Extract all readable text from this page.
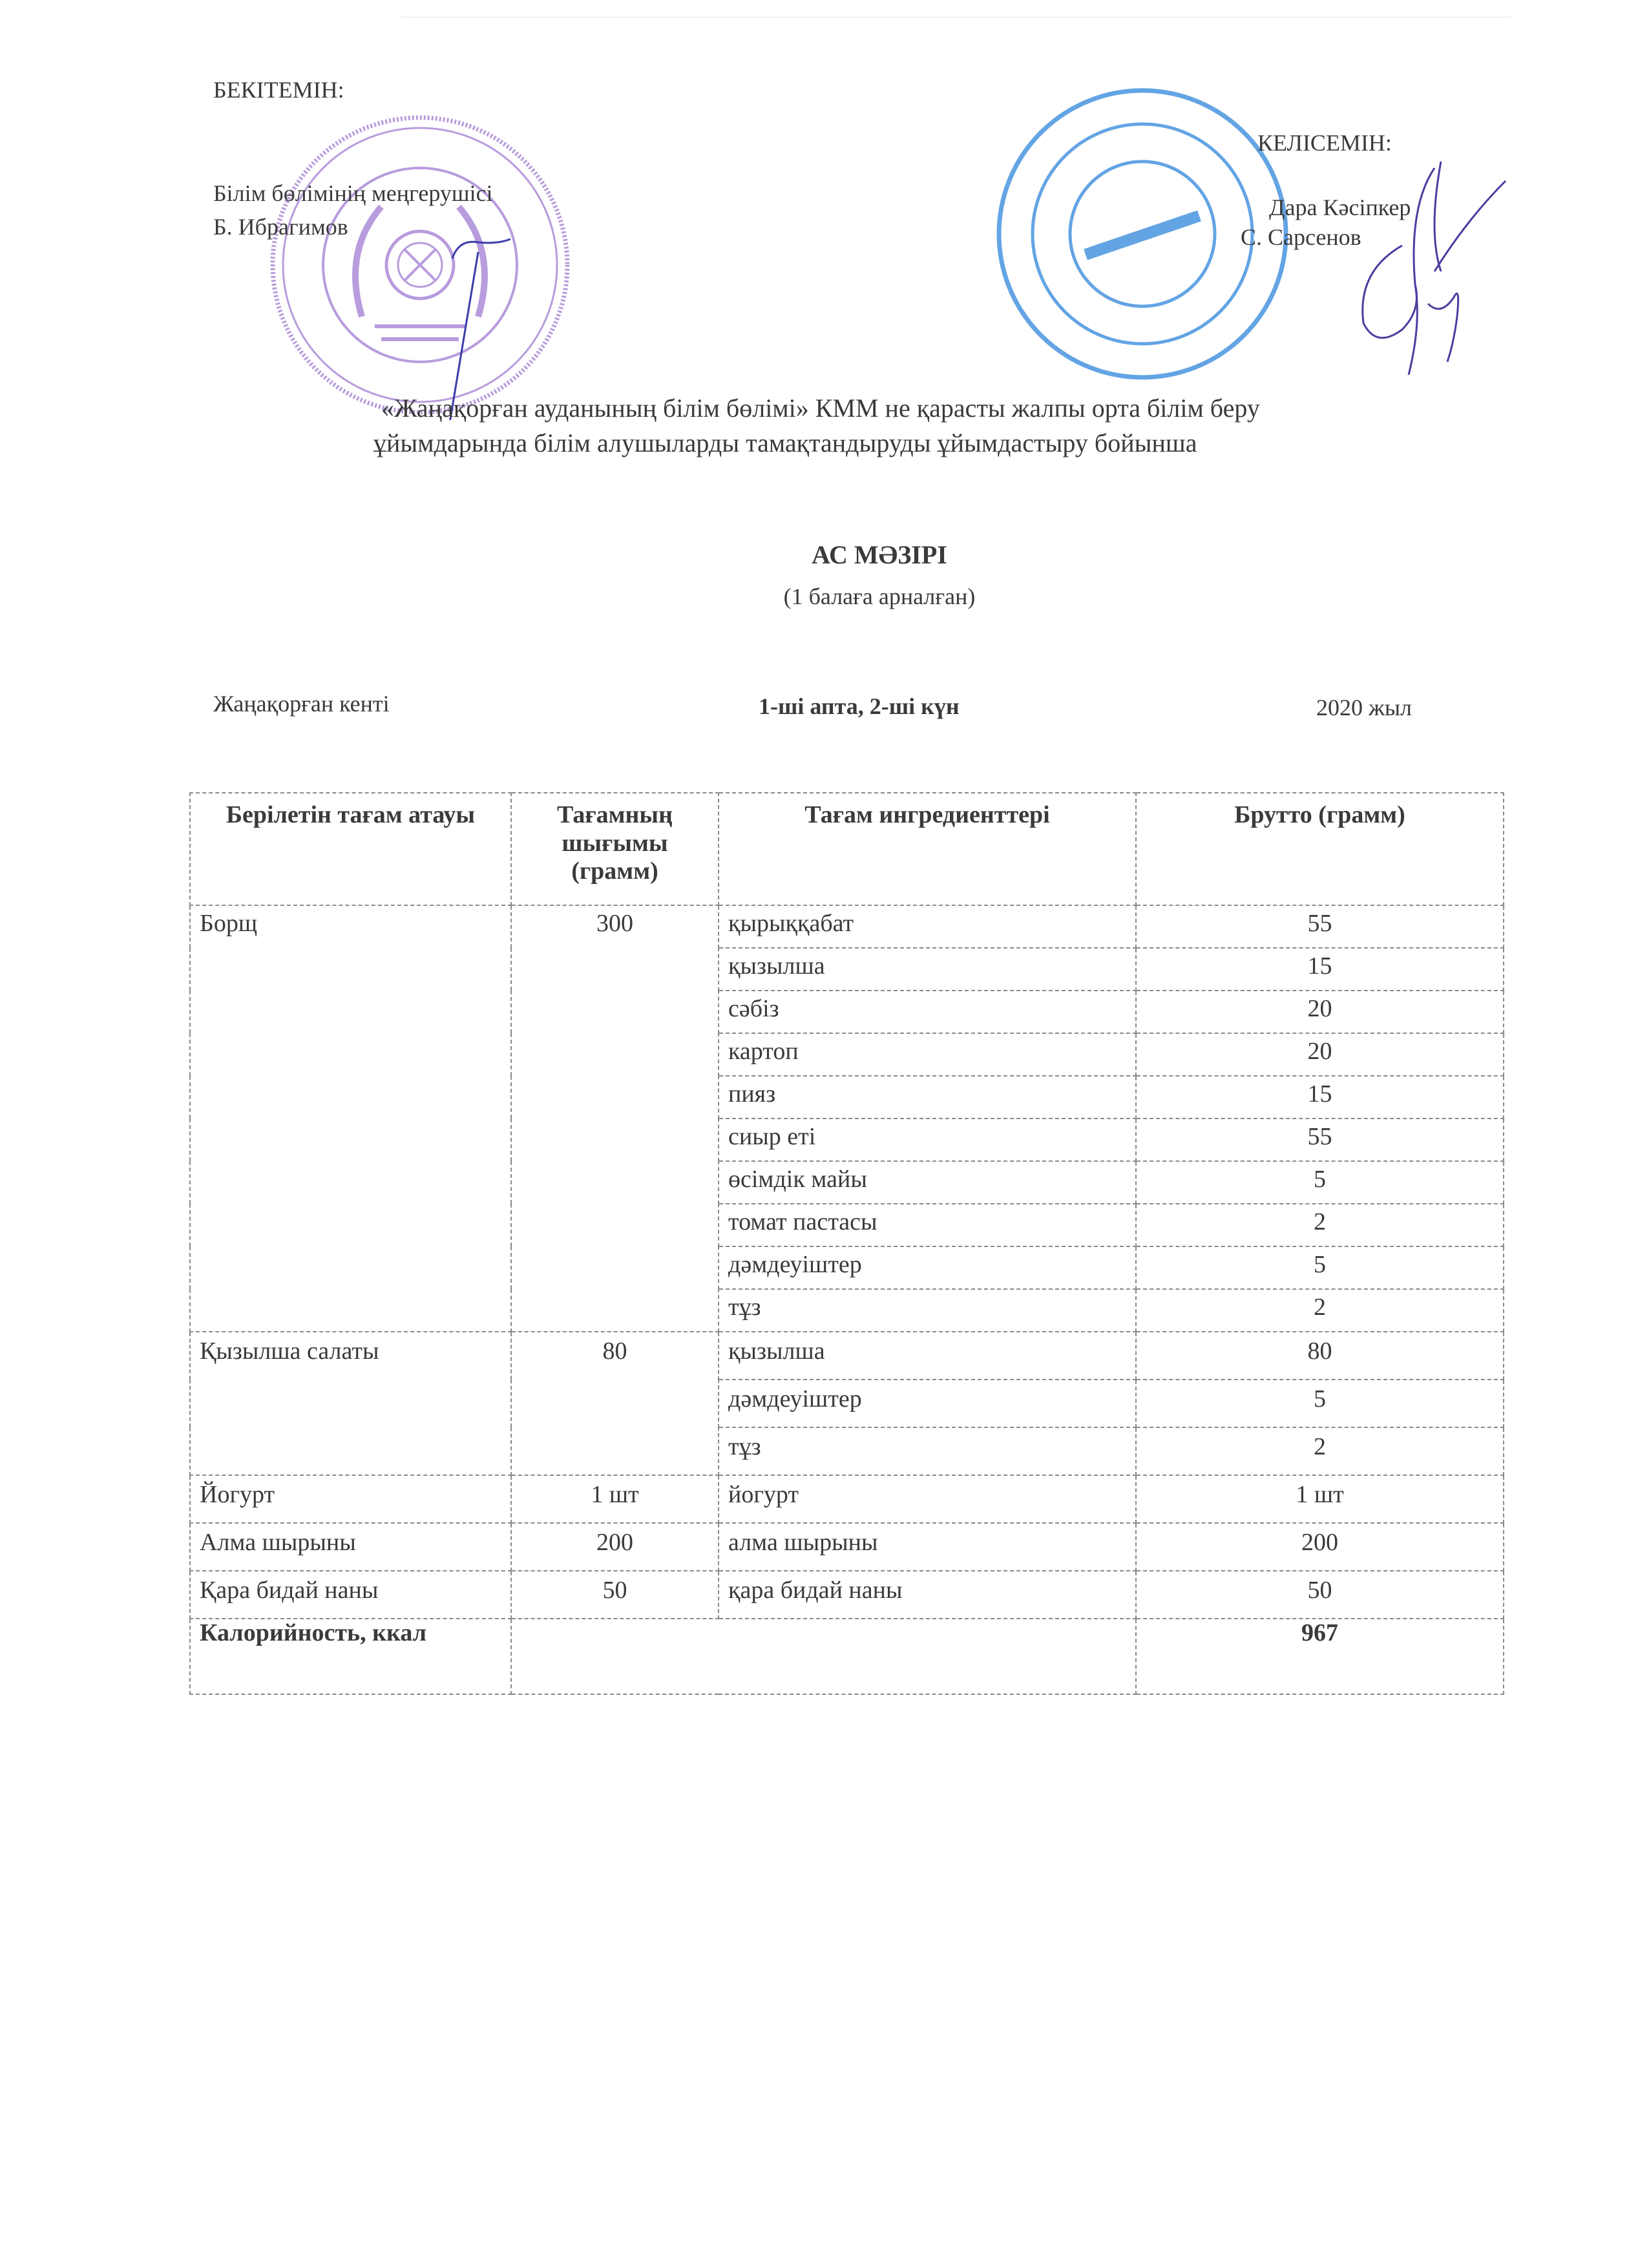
БЕКІТЕМІН:
Білім бөлімінің меңгерушісі
Б. Ибрагимов
КЕЛІСЕМІН:
Дара Кәсіпкер
С. Сарсенов
«Жаңақорған ауданының білім бөлімі» КММ не қарасты жалпы орта білім беру
ұйымдарында білім алушыларды тамақтандыруды ұйымдастыру бойынша
АС МӘЗІРІ
(1 балаға арналған)
Жаңақорған кенті	1-ші апта, 2-ші күн	2020 жыл
Берілетін тағам атауы	Тағамның шығымы (грамм)	Тағам ингредиенттері	Брутто (грамм)
Борщ	300	қырыққабат	55
		қызылша	15
		сәбіз	20
		картоп	20
		пияз	15
		сиыр еті	55
		өсімдік майы	5
		томат пастасы	2
		дәмдеуіштер	5
		тұз	2
Қызылша салаты	80	қызылша	80
		дәмдеуіштер	5
		тұз	2
Йогурт	1 шт	йогурт	1 шт
Алма шырыны	200	алма шырыны	200
Қара бидай наны	50	қара бидай наны	50
Калорийность, ккал			967
